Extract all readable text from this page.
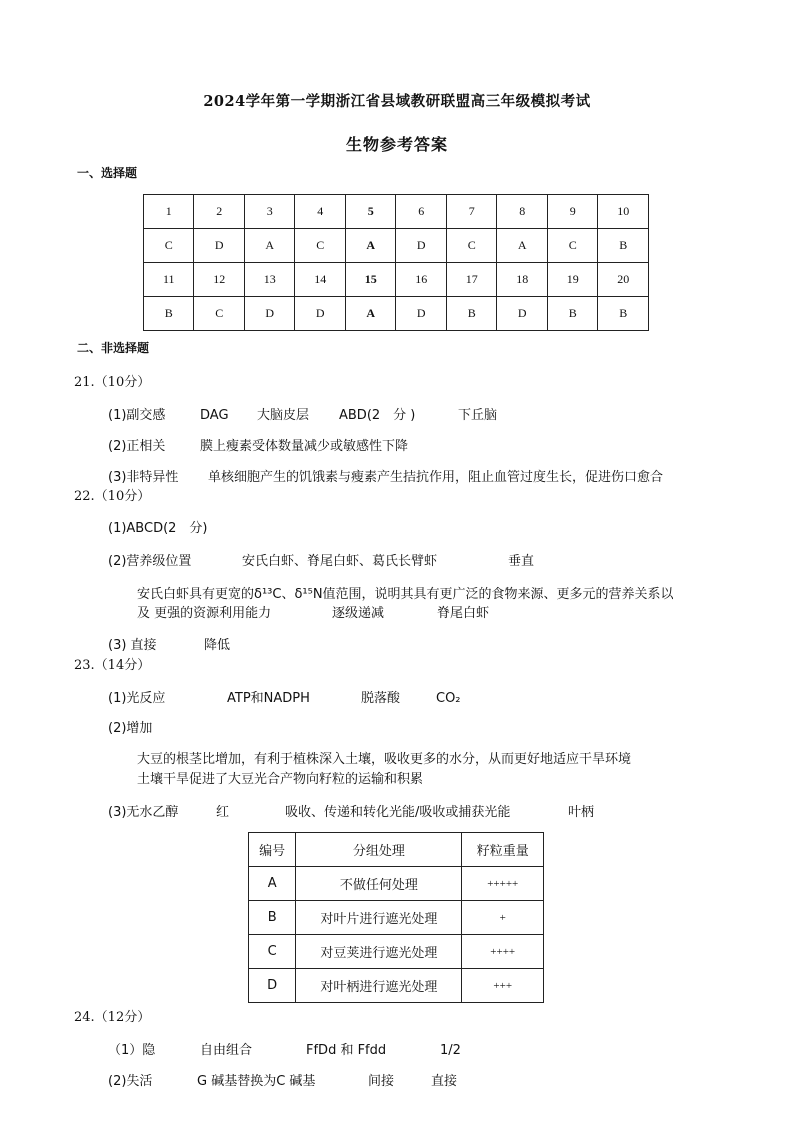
2024学年第一学期浙江省县域教研联盟高三年级模拟考试
生物参考答案
一、选择题
1	2	3	4	5	6	7	8	9	10
C	D	A	C	A	D	C	A	C	B
11	12	13	14	15	16	17	18	19	20
B	C	D	D	A	D	B	D	B	B
二、非选择题
21.（10分）
(1)副交感	DAG 大脑皮层 ABD(2　分 )	下丘脑
(2)正相关	膜上瘦素受体数量减少或敏感性下降
(3)非特异性 单核细胞产生的饥饿素与瘦素产生拮抗作用，阻止血管过度生长，促进伤口愈合
22.（10分）
(1)ABCD(2　分)
(2)营养级位置	安氏白虾、脊尾白虾、葛氏长臂虾	垂直
安氏白虾具有更宽的δ¹³C、δ¹⁵N值范围，说明其具有更广泛的食物来源、更多元的营养关系以
及 更强的资源利用能力	逐级递减	脊尾白虾
(3) 直接	降低
23.（14分）
(1)光反应	ATP和NADPH	脱落酸	CO₂
(2)增加
大豆的根茎比增加，有利于植株深入土壤，吸收更多的水分，从而更好地适应干旱环境
土壤干旱促进了大豆光合产物向籽粒的运输和积累
(3)无水乙醇	红	吸收、传递和转化光能/吸收或捕获光能	叶柄
编号	分组处理	籽粒重量
A	不做任何处理	+++++
B	对叶片进行遮光处理	+
C	对豆荚进行遮光处理	++++
D	对叶柄进行遮光处理	+++
24.（12分）
（1）隐	自由组合	FfDd 和 Ffdd	1/2
(2)失活	G 碱基替换为C 碱基	间接	直接
